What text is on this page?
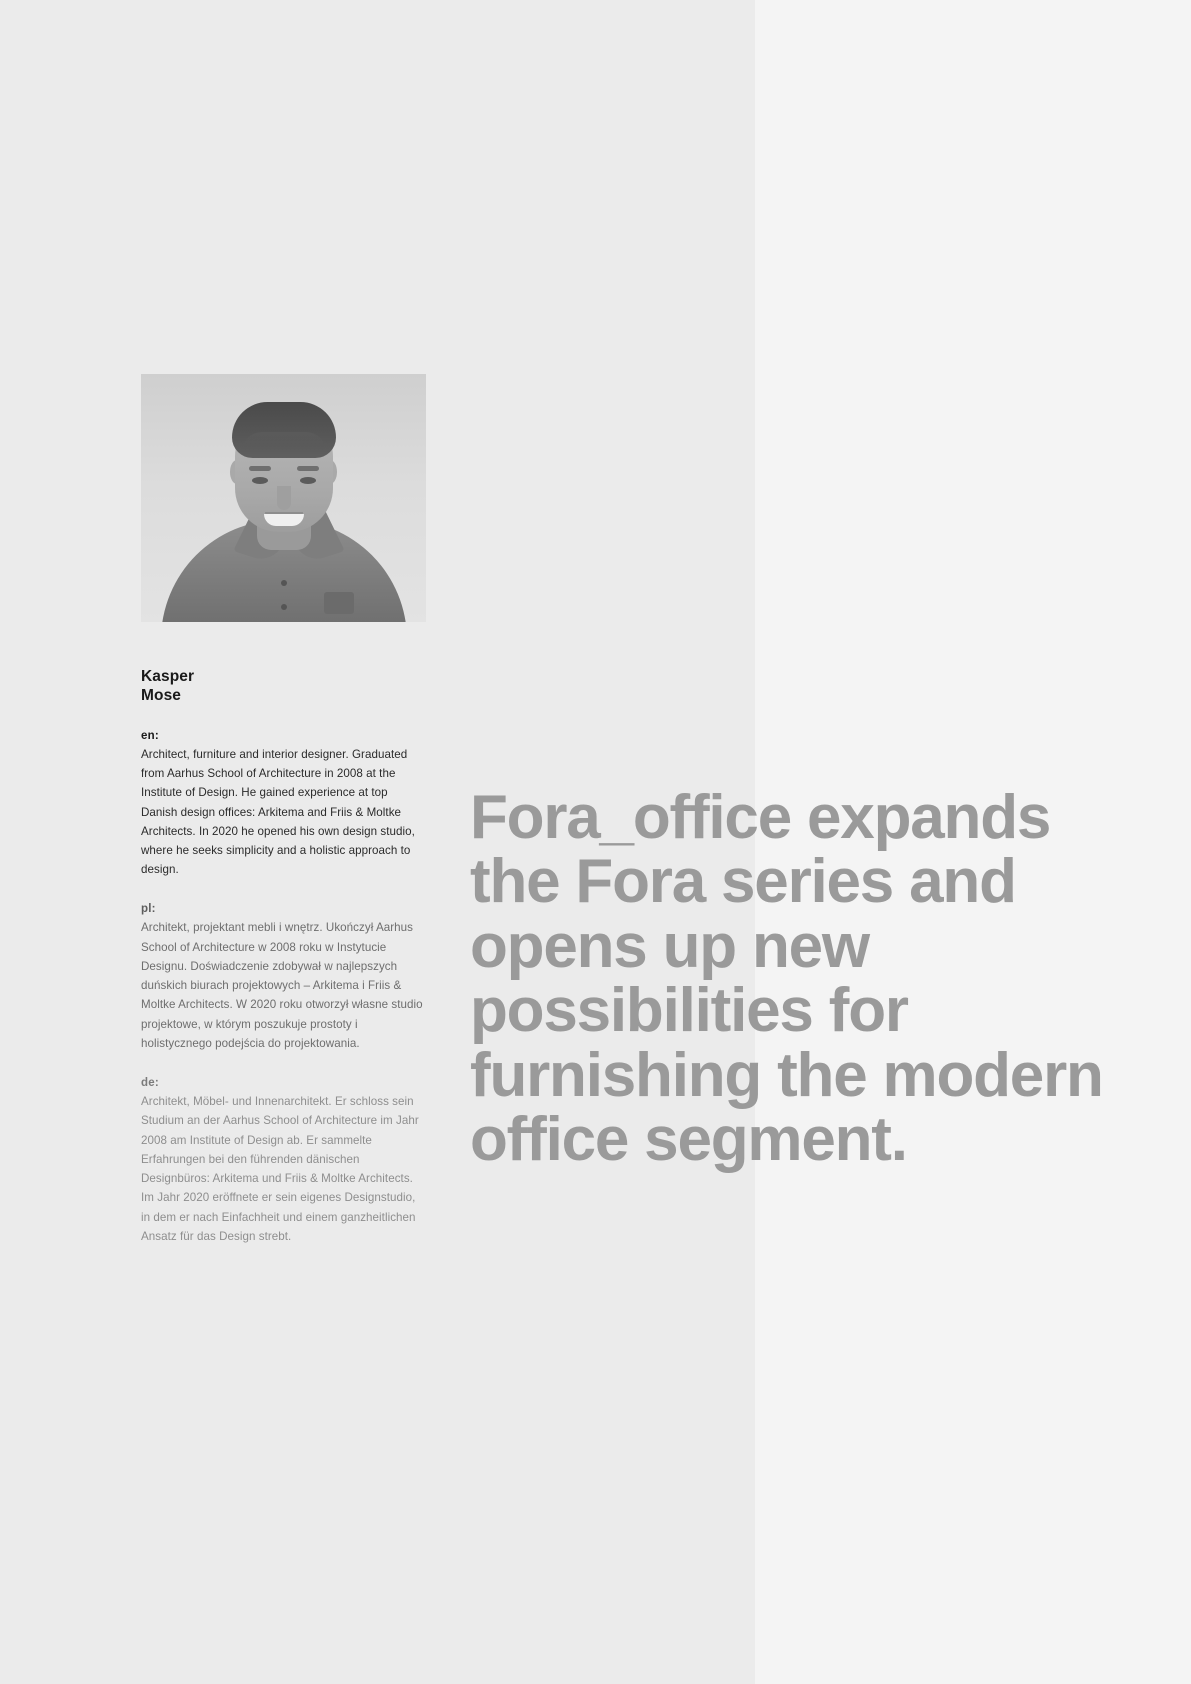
Kasper
Mose
en:
Architect, furniture and interior designer. Graduated from Aarhus School of Architecture in 2008 at the Institute of Design. He gained experience at top Danish design offices: Arkitema and Friis & Moltke Architects. In 2020 he opened his own design studio, where he seeks simplicity and a holistic approach to design.
pl:
Architekt, projektant mebli i wnętrz. Ukończył Aarhus School of Architecture w 2008 roku w Instytucie Designu. Doświadczenie zdobywał w najlepszych duńskich biurach projektowych – Arkitema i Friis & Moltke Architects. W 2020 roku otworzył własne studio projektowe, w którym poszukuje prostoty i holistycznego podejścia do projektowania.
de:
Architekt, Möbel- und Innenarchitekt. Er schloss sein Studium an der Aarhus School of Architecture im Jahr 2008 am Institute of Design ab. Er sammelte Erfahrungen bei den führenden dänischen Designbüros: Arkitema und Friis & Moltke Architects. Im Jahr 2020 eröffnete er sein eigenes Designstudio, in dem er nach Einfachheit und einem ganzheitlichen Ansatz für das Design strebt.
Fora_office expands the Fora series and opens up new possibilities for furnishing the modern office segment.
